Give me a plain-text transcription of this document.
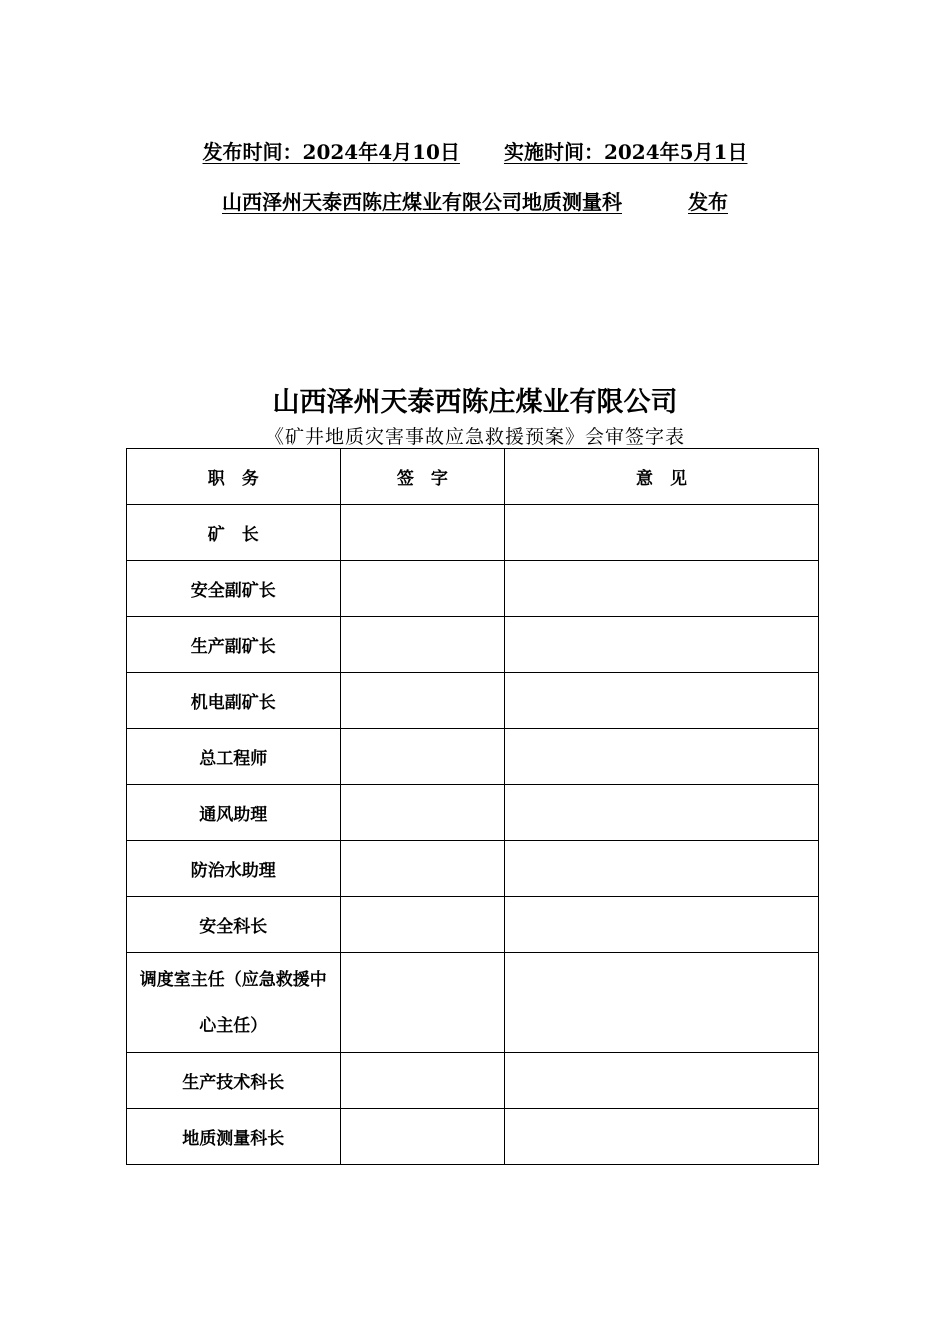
发布时间：2024年4月10日 实施时间：2024年5月1日
山西泽州天泰西陈庄煤业有限公司地质测量科	发布
山西泽州天泰西陈庄煤业有限公司
《矿井地质灾害事故应急救援预案》会审签字表
职　务	签　字	意　见
矿　长		
安全副矿长		
生产副矿长		
机电副矿长		
总工程师		
通风助理		
防治水助理		
安全科长		
调度室主任（应急救援中心主任）		
生产技术科长		
地质测量科长		
